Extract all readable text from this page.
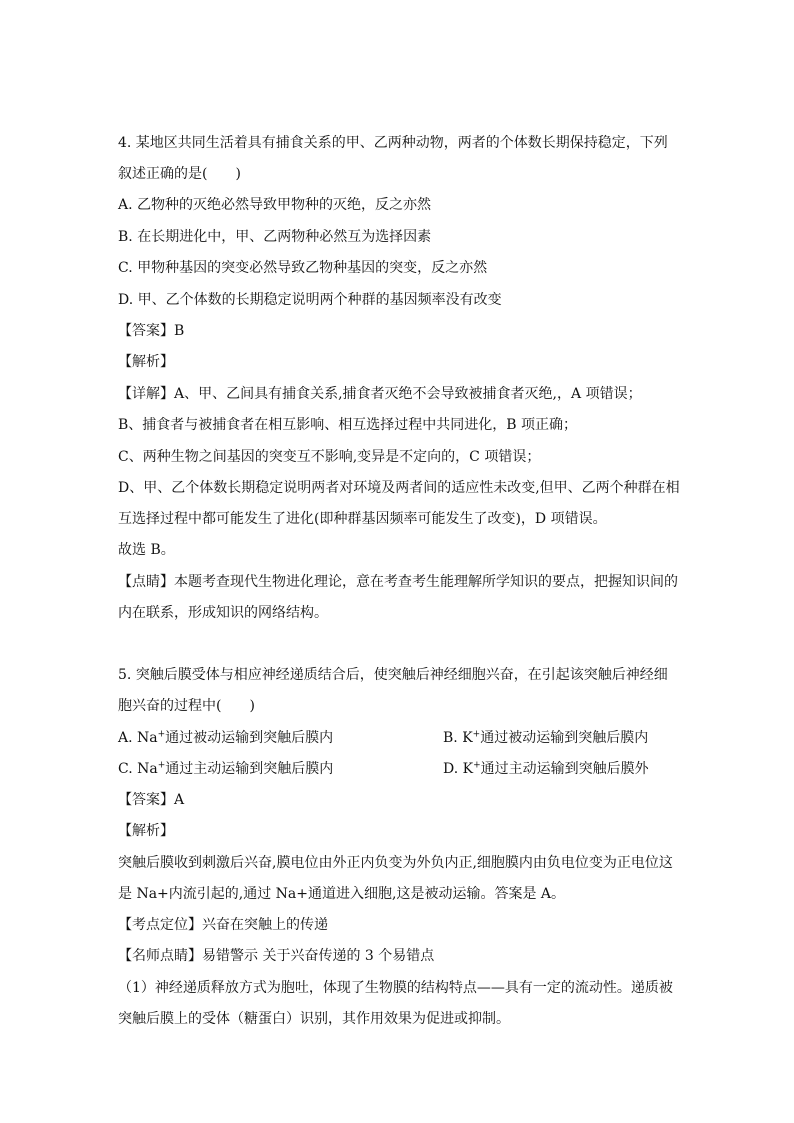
4. 某地区共同生活着具有捕食关系的甲、乙两种动物，两者的个体数长期保持稳定，下列
叙述正确的是(　　)
A. 乙物种的灭绝必然导致甲物种的灭绝，反之亦然
B. 在长期进化中，甲、乙两物种必然互为选择因素
C. 甲物种基因的突变必然导致乙物种基因的突变，反之亦然
D. 甲、乙个体数的长期稳定说明两个种群的基因频率没有改变
【答案】B
【解析】
【详解】A、甲、乙间具有捕食关系,捕食者灭绝不会导致被捕食者灭绝,，A 项错误；
B、捕食者与被捕食者在相互影响、相互选择过程中共同进化，B 项正确；
C、两种生物之间基因的突变互不影响,变异是不定向的，C 项错误；
D、甲、乙个体数长期稳定说明两者对环境及两者间的适应性未改变,但甲、乙两个种群在相
互选择过程中都可能发生了进化(即种群基因频率可能发生了改变)，D 项错误。
故选 B。
【点睛】本题考查现代生物进化理论，意在考查考生能理解所学知识的要点，把握知识间的
内在联系，形成知识的网络结构。
5. 突触后膜受体与相应神经递质结合后，使突触后神经细胞兴奋，在引起该突触后神经细
胞兴奋的过程中(　　)
A. Na+通过被动运输到突触后膜内	B. K+通过被动运输到突触后膜内
C. Na+通过主动运输到突触后膜内	D. K+通过主动运输到突触后膜外
【答案】A
【解析】
突触后膜收到刺激后兴奋,膜电位由外正内负变为外负内正,细胞膜内由负电位变为正电位这
是 Na+内流引起的,通过 Na+通道进入细胞,这是被动运输。答案是 A。
【考点定位】兴奋在突触上的传递
【名师点睛】易错警示 关于兴奋传递的 3 个易错点
（1）神经递质释放方式为胞吐，体现了生物膜的结构特点——具有一定的流动性。递质被
突触后膜上的受体（糖蛋白）识别，其作用效果为促进或抑制。
